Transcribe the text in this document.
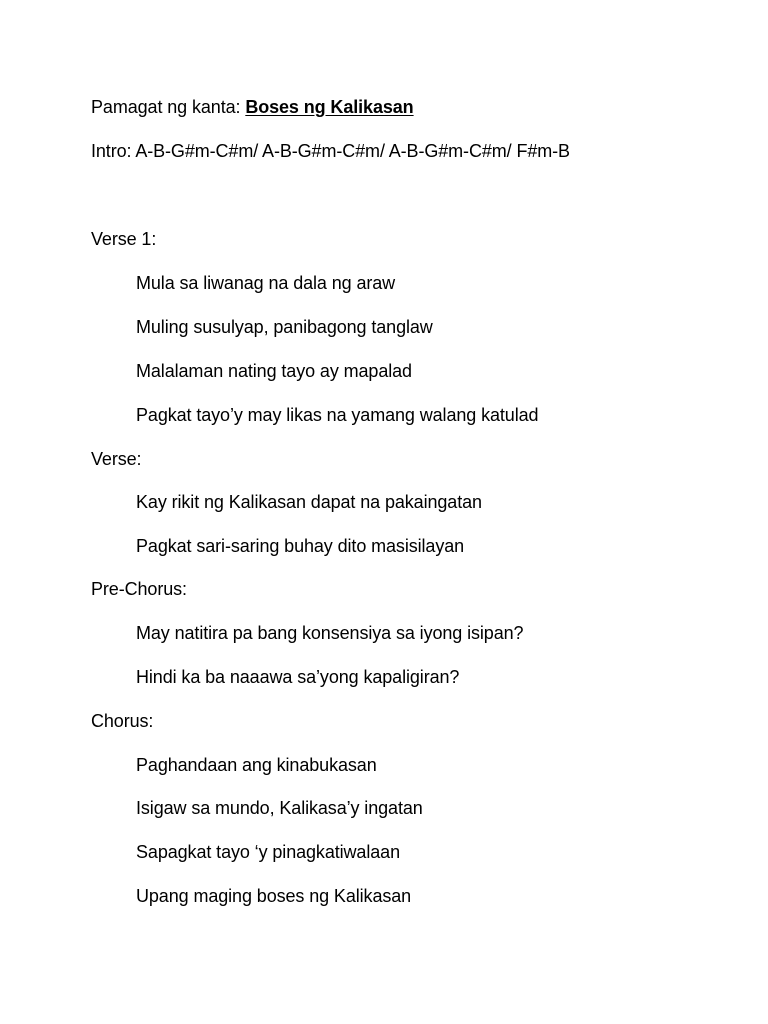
Pamagat ng kanta: Boses ng Kalikasan
Intro: A-B-G#m-C#m/ A-B-G#m-C#m/ A-B-G#m-C#m/ F#m-B
Verse 1:
Mula sa liwanag na dala ng araw
Muling susulyap, panibagong tanglaw
Malalaman nating tayo ay mapalad
Pagkat tayo’y may likas na yamang walang katulad
Verse:
Kay rikit ng Kalikasan dapat na pakaingatan
Pagkat sari-saring buhay dito masisilayan
Pre-Chorus:
May natitira pa bang konsensiya sa iyong isipan?
Hindi ka ba naaawa sa’yong kapaligiran?
Chorus:
Paghandaan ang kinabukasan
Isigaw sa mundo, Kalikasa’y ingatan
Sapagkat tayo ‘y pinagkatiwalaan
Upang maging boses ng Kalikasan
